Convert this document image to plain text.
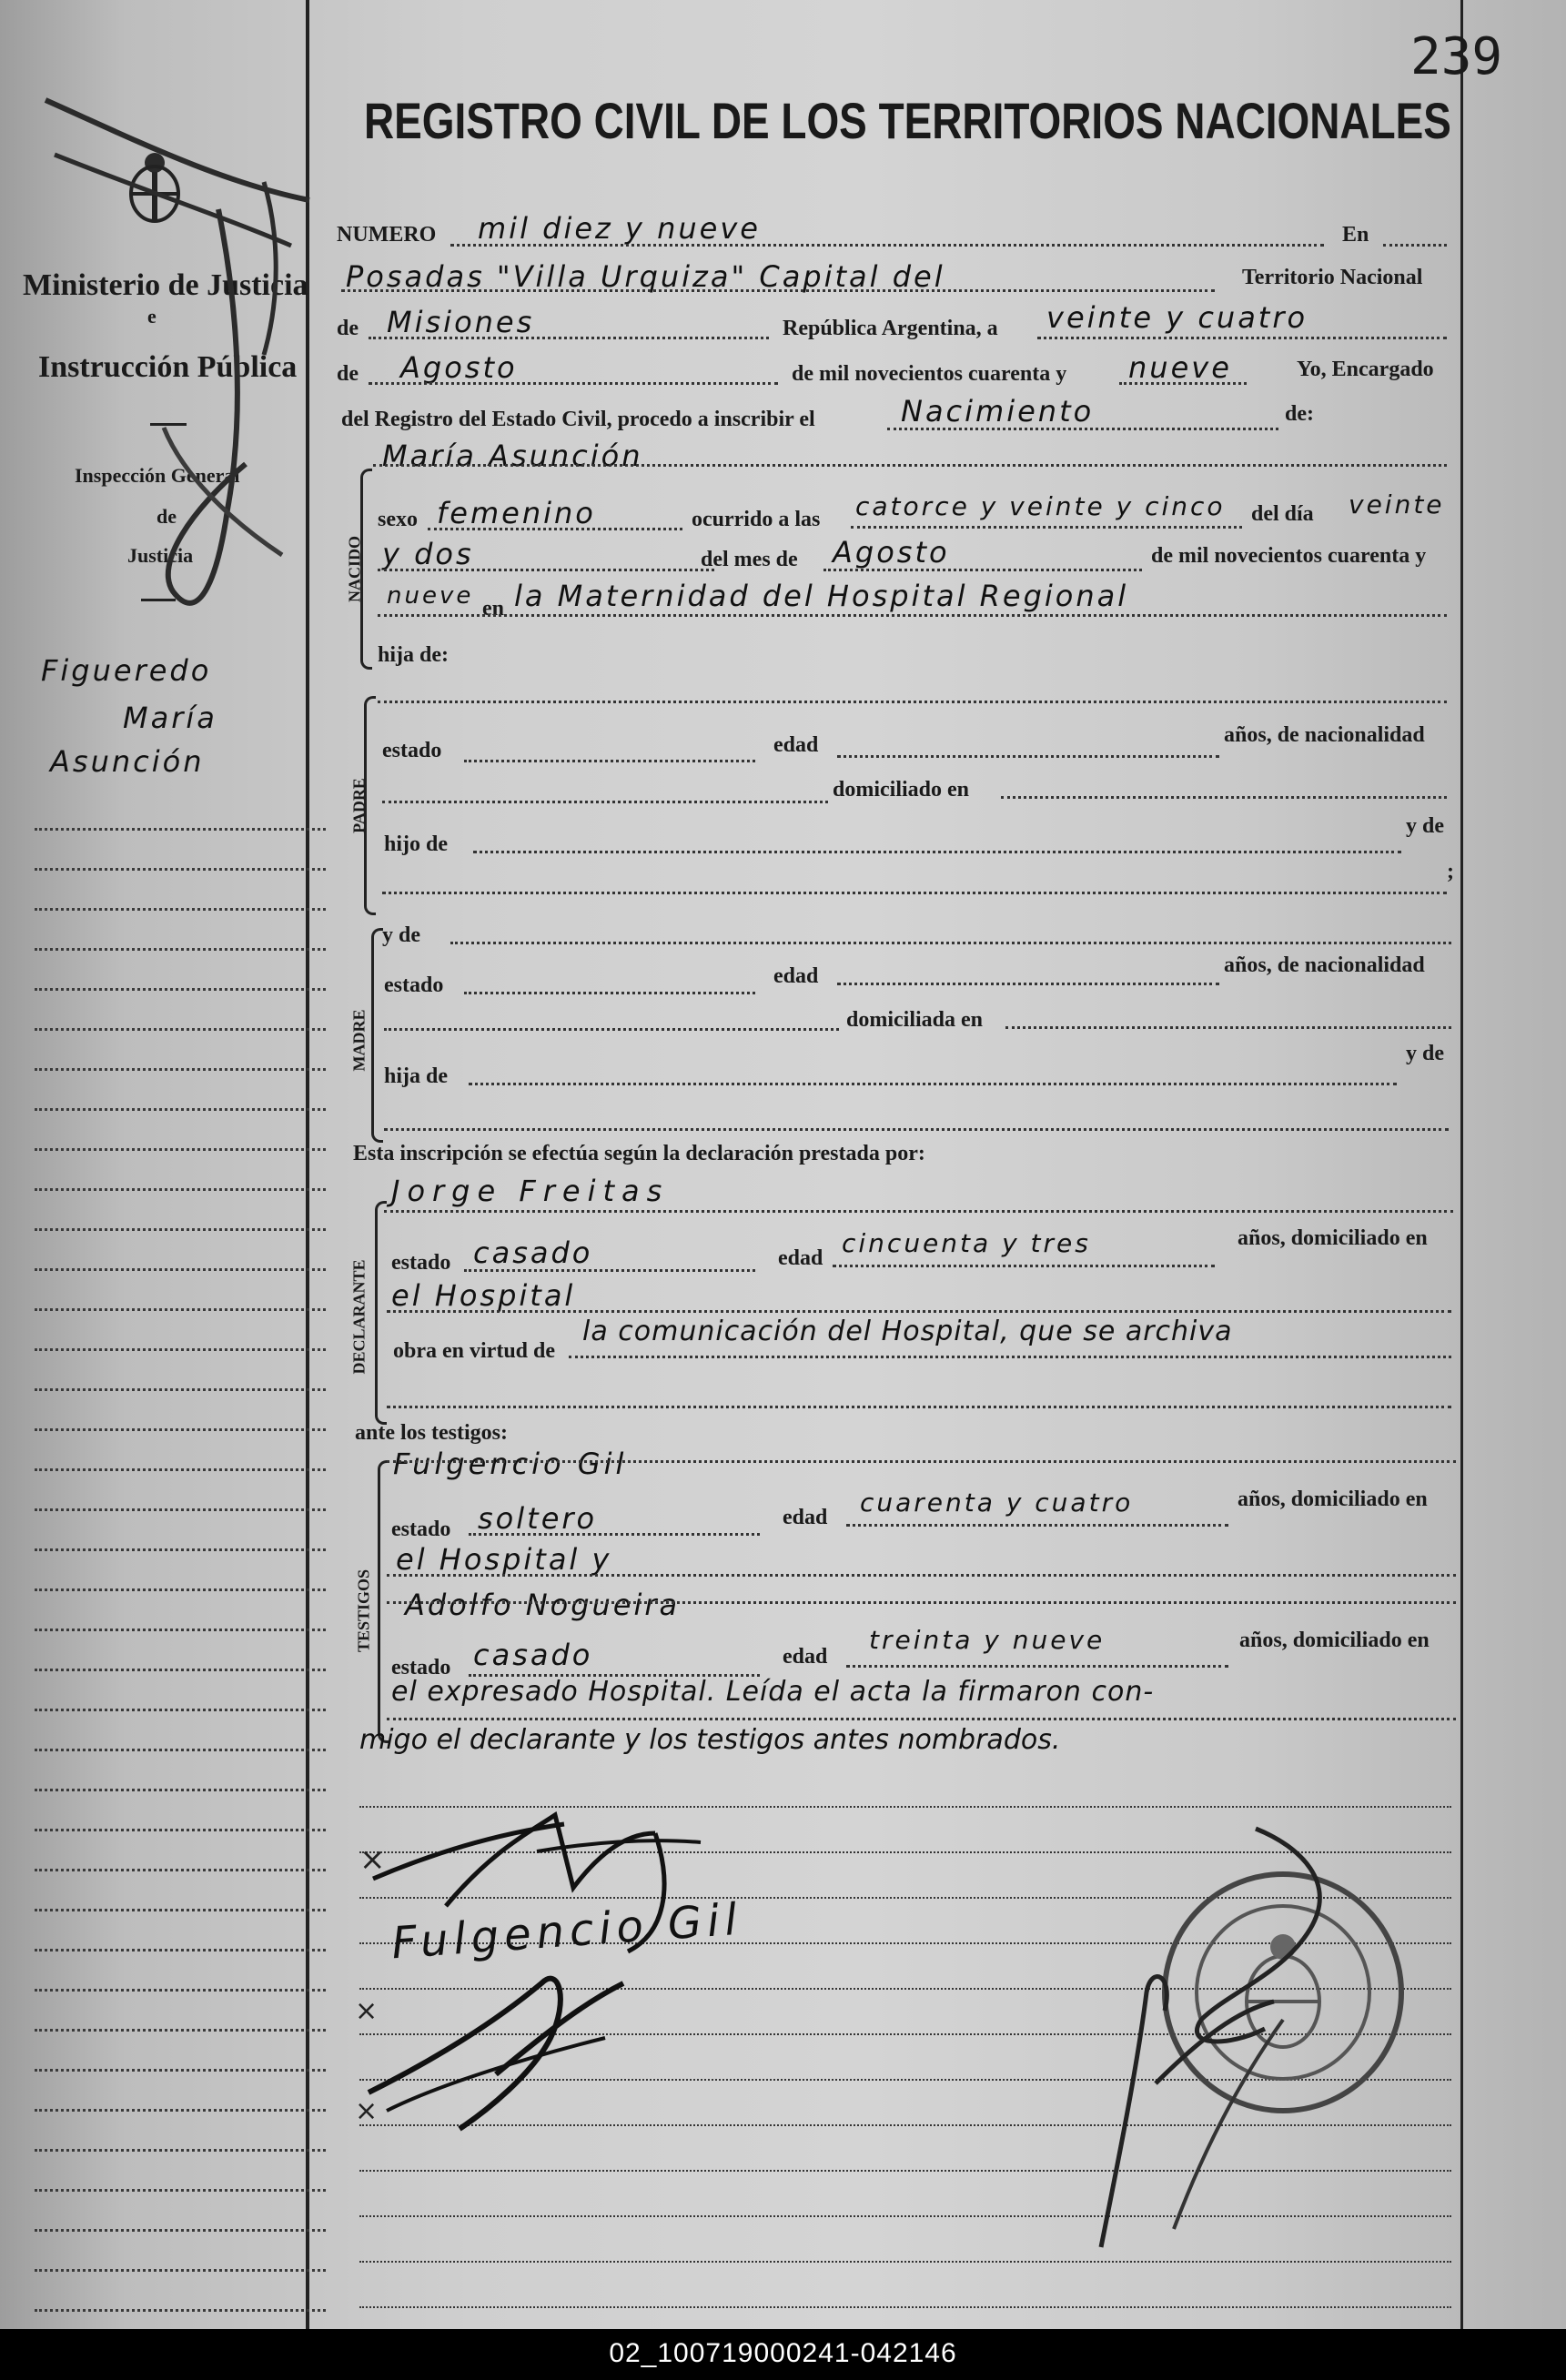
239
REGISTRO CIVIL DE LOS TERRITORIOS NACIONALES
Ministerio de Justicia
e
Instrucción Pública
Inspección General
de
Justicia
Figueredo
María
Asunción
NUMERO mil diez y nueve	En
Posadas "Villa Urquiza" Capital del	Territorio Nacional
de Misiones	República Argentina, a veinte y cuatro
de Agosto	de mil novecientos cuarenta y nueve	Yo, Encargado
del Registro del Estado Civil, procedo a inscribir el	Nacimiento	de:
María Asunción
NACIDO
sexo femenino	ocurrido a las catorce y veinte y cinco del día veinte
y dos	del mes de Agosto	de mil novecientos cuarenta y
nueve en la Maternidad del Hospital Regional
hija de:
PADRE
estado	edad	años, de nacionalidad
domiciliado en
hijo de
y de
;
MADRE
y de
estado	edad	años, de nacionalidad
domiciliada en
hija de
y de
Esta inscripción se efectúa según la declaración prestada por:
Jorge Freitas
DECLARANTE estado casado	edad cincuenta y tres	años, domiciliado en
el Hospital
obra en virtud de
la comunicación del Hospital, que se archiva
ante los testigos:
TESTIGOS
Fulgencio Gil
estado soltero	edad cuarenta y cuatro	años, domiciliado en
el Hospital y
Adolfo Nogueira
estado casado	edad
treinta y nueve	años, domiciliado en
el expresado Hospital. Leída el acta la firmaron con-
migo el declarante y los testigos antes nombrados.
×
Fulgencio Gil
×
×
02_100719000241-042146
